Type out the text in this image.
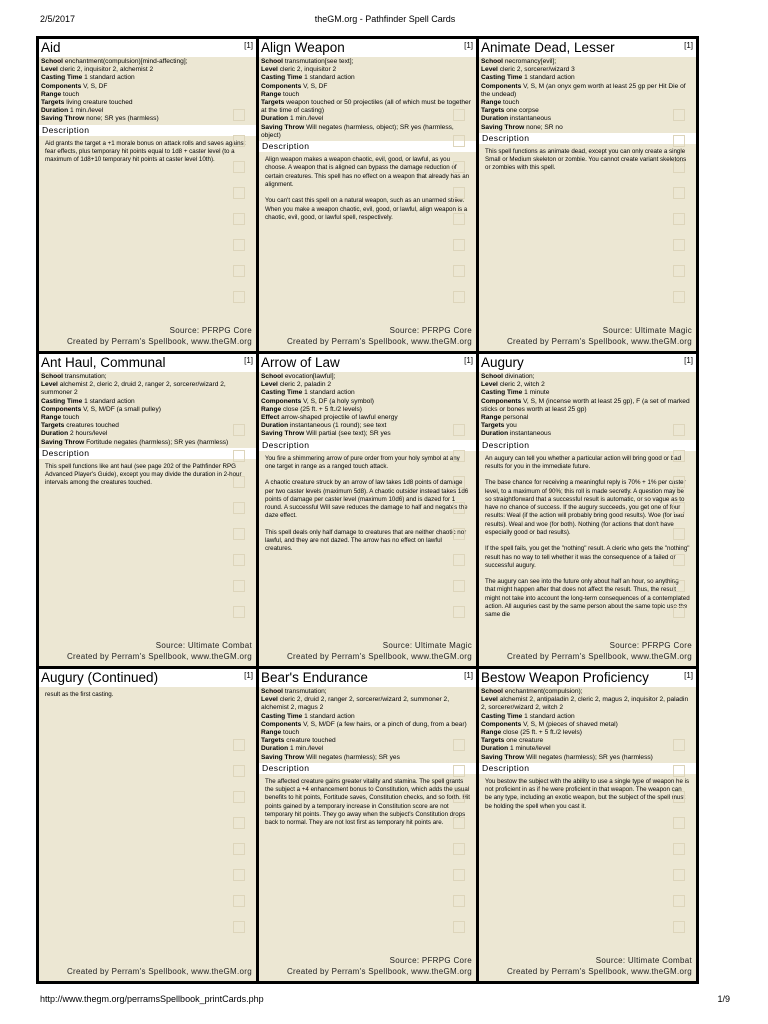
2/5/2017	theGM.org - Pathfinder Spell Cards
Aid	[1]
School enchantment(compulsion)[mind-affecting];
Level cleric 2, inquisitor 2, alchemist 2
Casting Time 1 standard action
Components V, S, DF
Range touch
Targets living creature touched
Duration 1 min./level
Saving Throw none; SR yes (harmless)
Description

Aid grants the target a +1 morale bonus on attack rolls and saves against fear effects, plus temporary hit points equal to 1d8 + caster level (to a maximum of 1d8+10 temporary hit points at caster level 10th).

Source: PFRPG Core
Created by Perram's Spellbook, www.theGM.org
Align Weapon	[1]
School transmutation[see text];
Level cleric 2, inquisitor 2
Casting Time 1 standard action
Components V, S, DF
Range touch
Targets weapon touched or 50 projectiles (all of which must be together at the time of casting)
Duration 1 min./level
Saving Throw Will negates (harmless, object); SR yes (harmless, object)
Description

Align weapon makes a weapon chaotic, evil, good, or lawful, as you choose. A weapon that is aligned can bypass the damage reduction of certain creatures. This spell has no effect on a weapon that already has an alignment.

You can't cast this spell on a natural weapon, such as an unarmed strike. When you make a weapon chaotic, evil, good, or lawful, align weapon is a chaotic, evil, good, or lawful spell, respectively.

Source: PFRPG Core
Created by Perram's Spellbook, www.theGM.org
Animate Dead, Lesser	[1]
School necromancy[evil];
Level cleric 2, sorcerer/wizard 3
Casting Time 1 standard action
Components V, S, M (an onyx gem worth at least 25 gp per Hit Die of the undead)
Range touch
Targets one corpse
Duration instantaneous
Saving Throw none; SR no
Description

This spell functions as animate dead, except you can only create a single Small or Medium skeleton or zombie. You cannot create variant skeletons or zombies with this spell.

Source: Ultimate Magic
Created by Perram's Spellbook, www.theGM.org
Ant Haul, Communal	[1]
School transmutation;
Level alchemist 2, cleric 2, druid 2, ranger 2, sorcerer/wizard 2, summoner 2
Casting Time 1 standard action
Components V, S, M/DF (a small pulley)
Range touch
Targets creatures touched
Duration 2 hours/level
Saving Throw Fortitude negates (harmless); SR yes (harmless)
Description

This spell functions like ant haul (see page 202 of the Pathfinder RPG Advanced Player's Guide), except you may divide the duration in 2-hour intervals among the creatures touched.

Source: Ultimate Combat
Created by Perram's Spellbook, www.theGM.org
Arrow of Law	[1]
School evocation[lawful];
Level cleric 2, paladin 2
Casting Time 1 standard action
Components V, S, DF (a holy symbol)
Range close (25 ft. + 5 ft./2 levels)
Effect arrow-shaped projectile of lawful energy
Duration instantaneous (1 round); see text
Saving Throw Will partial (see text); SR yes
Description

You fire a shimmering arrow of pure order from your holy symbol at any one target in range as a ranged touch attack.

A chaotic creature struck by an arrow of law takes 1d8 points of damage per two caster levels (maximum 5d8). A chaotic outsider instead takes 1d6 points of damage per caster level (maximum 10d6) and is dazed for 1 round. A successful Will save reduces the damage to half and negates the daze effect.

This spell deals only half damage to creatures that are neither chaotic nor lawful, and they are not dazed. The arrow has no effect on lawful creatures.

Source: Ultimate Magic
Created by Perram's Spellbook, www.theGM.org
Augury	[1]
School divination;
Level cleric 2, witch 2
Casting Time 1 minute
Components V, S, M (incense worth at least 25 gp), F (a set of marked sticks or bones worth at least 25 gp)
Range personal
Targets you
Duration instantaneous
Description

An augury can tell you whether a particular action will bring good or bad results for you in the immediate future.

The base chance for receiving a meaningful reply is 70% + 1% per caster level, to a maximum of 90%; this roll is made secretly. A question may be so straightforward that a successful result is automatic, or so vague as to have no chance of success. If the augury succeeds, you get one of four results: Weal (if the action will probably bring good results). Woe (for bad results). Weal and woe (for both). Nothing (for actions that don't have especially good or bad results).

If the spell fails, you get the "nothing" result. A cleric who gets the "nothing" result has no way to tell whether it was the consequence of a failed or successful augury.

The augury can see into the future only about half an hour, so anything that might happen after that does not affect the result. Thus, the result might not take into account the long-term consequences of a contemplated action. All auguries cast by the same person about the same topic use the same die

Source: PFRPG Core
Created by Perram's Spellbook, www.theGM.org
Augury (Continued)	[1]

result as the first casting.

Created by Perram's Spellbook, www.theGM.org
Bear's Endurance	[1]
School transmutation;
Level cleric 2, druid 2, ranger 2, sorcerer/wizard 2, summoner 2, alchemist 2, magus 2
Casting Time 1 standard action
Components V, S, M/DF (a few hairs, or a pinch of dung, from a bear)
Range touch
Targets creature touched
Duration 1 min./level
Saving Throw Will negates (harmless); SR yes
Description

The affected creature gains greater vitality and stamina. The spell grants the subject a +4 enhancement bonus to Constitution, which adds the usual benefits to hit points, Fortitude saves, Constitution checks, and so forth. Hit points gained by a temporary increase in Constitution score are not temporary hit points. They go away when the subject's Constitution drops back to normal. They are not lost first as temporary hit points are.

Source: PFRPG Core
Created by Perram's Spellbook, www.theGM.org
Bestow Weapon Proficiency	[1]
School enchantment(compulsion);
Level alchemist 2, antipaladin 2, cleric 2, magus 2, inquisitor 2, paladin 2, sorcerer/wizard 2, witch 2
Casting Time 1 standard action
Components V, S, M (pieces of shaved metal)
Range close (25 ft. + 5 ft./2 levels)
Targets one creature
Duration 1 minute/level
Saving Throw Will negates (harmless); SR yes (harmless)
Description

You bestow the subject with the ability to use a single type of weapon he is not proficient in as if he were proficient in that weapon. The weapon can be any type, including an exotic weapon, but the subject of the spell must be holding the spell when you cast it.

Source: Ultimate Combat
Created by Perram's Spellbook, www.theGM.org
http://www.thegm.org/perramsSpellbook_printCards.php	1/9
